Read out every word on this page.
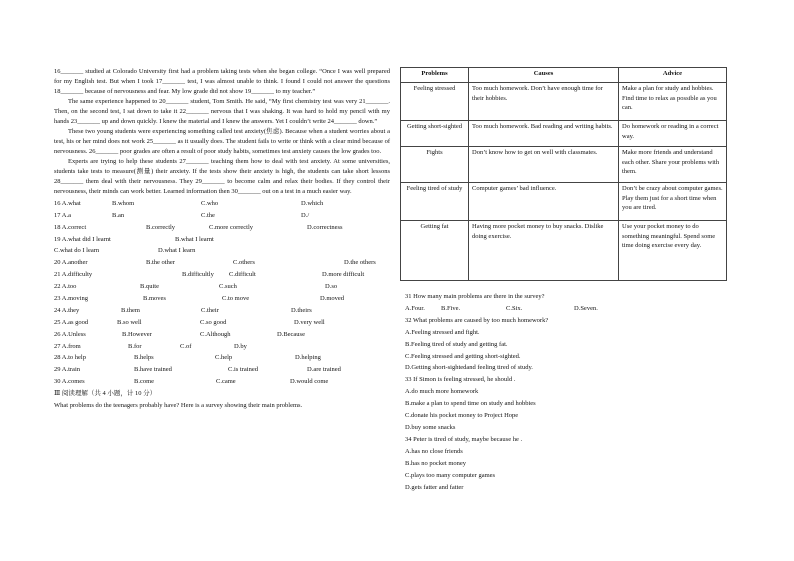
16_______ studied at Colorado University first had a problem taking tests when she began college. “Once I was well prepared for my English test. But when I took 17_______ test, I was almost unable to think. I found I could not answer the questions 18_______ because of nervousness and fear. My low grade did not show 19_______ to my teacher.”

The same experience happened to 20_______ student, Tom Smith. He said, “My first chemistry test was very 21_______. Then, on the second test, I sat down to take it 22_______ nervous that I was shaking. It was hard to hold my pencil with my hands 23_______ up and down quickly. I knew the material and I knew the answers. Yet I couldn’t write 24_______ down.”

These two young students were experiencing something called test anxiety(焦虑). Because when a student worries about a test, his or her mind does not work 25_______ as it usually does. The student fails to write or think with a clear mind because of nervousness. 26_______ poor grades are often a result of poor study habits, sometimes test anxiety causes the low grades too.

Experts are trying to help these students 27_______ teaching them how to deal with test anxiety. At some universities, students take tests to measure(测量) their anxiety. If the tests show their anxiety is high, the students can take short lessons 28_______ them deal with their nervousness. They 29_______ to become calm and relax their bodies. If they control their nervousness, their minds can work better. Learned information then 30_______ out on a test in a much easier way.

16 A.what	B.whom	C.who	D.which
17 A.a	B.an	C.the	D./
18 A.correct	B.correctly	C.more correctly	D.correctness
19 A.what did I learnt	B.what I learnt
C.what do I learn	D.what I learn
20 A.another	B.the other	C.others	D.the others
21 A.difficulty	B.difficultly	C.difficult	D.more difficult
22 A.too	B.quite	C.such	D.so
23 A.moving	B.moves	C.to move	D.moved
24 A.they	B.them	C.their	D.theirs
25 A.as good	B.so well	C.so good	D.very well
26 A.Unless	B.However	C.Although	D.Because
27 A.from	B.for	C.of	D.by
28 A.to help	B.helps	C.help	D.helping
29 A.train	B.have trained	C.is trained	D.are trained
30 A.comes	B.come	C.came	D.would come
Ⅲ 阅读理解（共 4 小题，计 10 分）
What problems do the teenagers probably have? Here is a survey showing their main problems.
Problems	Causes	Advice
Feeling stressed	Too much homework. Don’t have enough time for their hobbies.	Make a plan for study and hobbies. Find time to relax as possible as you can.
Getting short-sighted	Too much homework. Bad reading and writing habits.	Do homework or reading in a correct way.
Fights	Don’t know how to get on well with classmates.	Make more friends and understand each other. Share your problems with them.
Feeling tired of study	Computer games’ bad influence.	Don’t be crazy about computer games. Play them just for a short time when you are tired.
Getting fat	Having more pocket money to buy snacks. Dislike doing exercise.	Use your pocket money to do something meaningful. Spend some time doing exercise every day.
31 How many main problems are there in the survey?
A.Four. B.Five.	C.Six.	D.Seven.
32 What problems are caused by too much homework?
A.Feeling stressed and fight.
B.Feeling tired of study and getting fat.
C.Feeling stressed and getting short-sighted.
D.Getting short-sightedand feeling tired of study.
33 If Simon is feeling stressed, he should .
A.do much more homework
B.make a plan to spend time on study and hobbies
C.donate his pocket money to Project Hope
D.buy some snacks
34 Peter is tired of study, maybe because he .
A.has no close friends
B.has no pocket money
C.plays too many computer games
D.gets fatter and fatter
